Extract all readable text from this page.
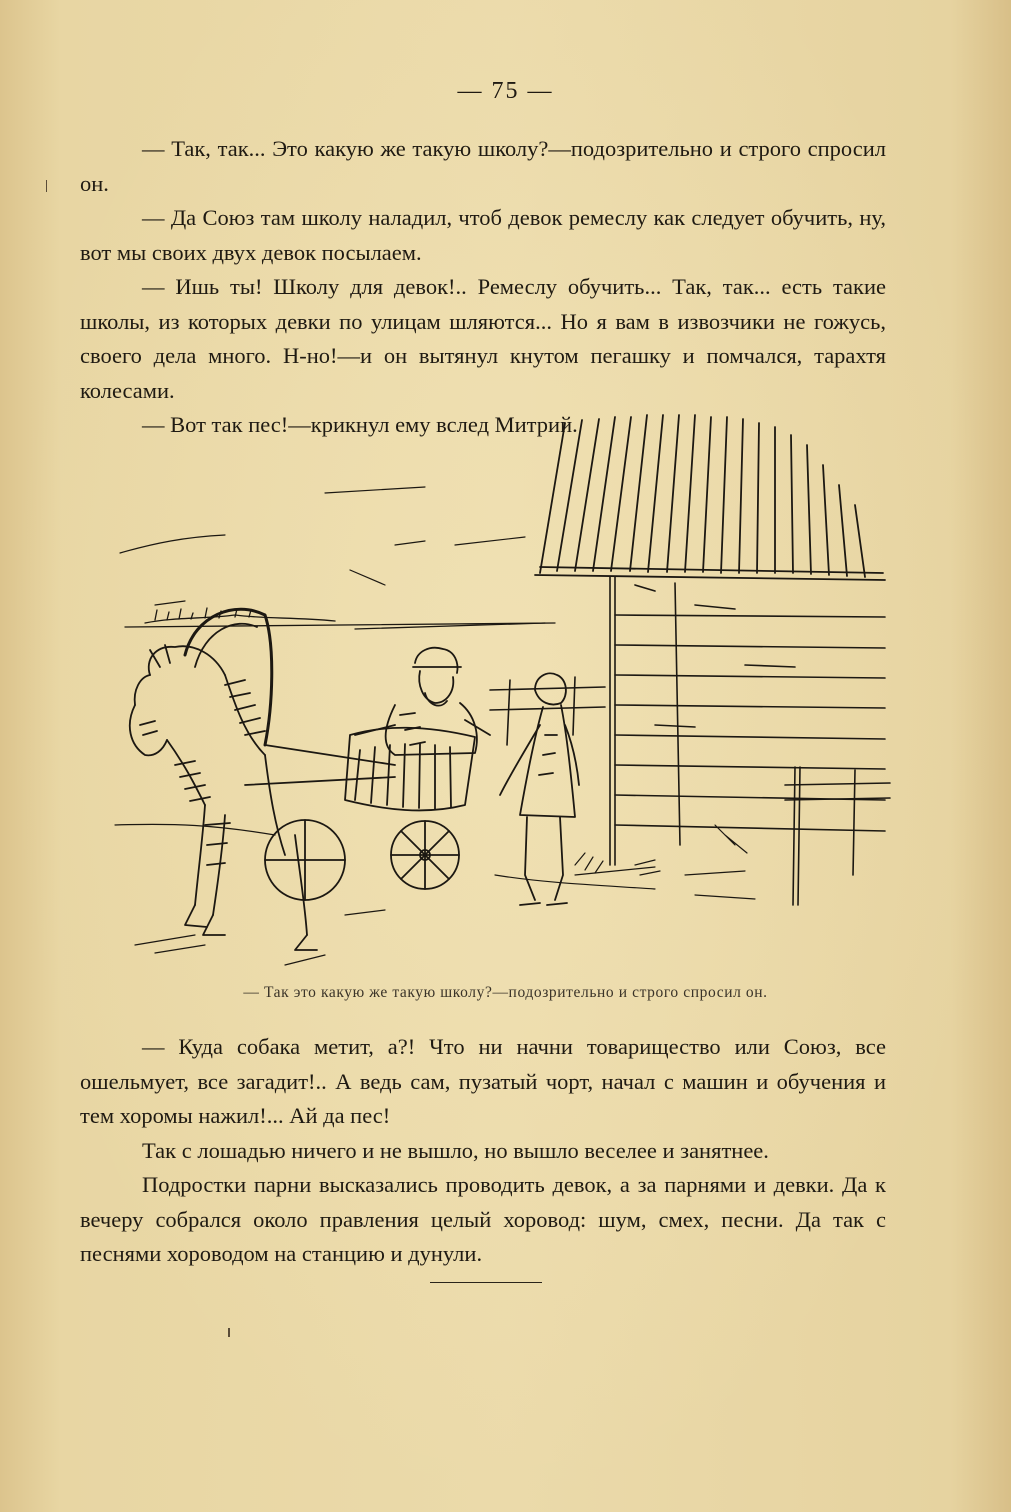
— 75 —

— Так, так... Это какую же такую школу?—подозрительно и строго спросил он.

— Да Союз там школу наладил, чтоб девок ремеслу как следует обучить, ну, вот мы своих двух девок посылаем.

— Ишь ты! Школу для девок!.. Ремеслу обучить... Так, так... есть такие школы, из которых девки по улицам шляются... Но я вам в извозчики не гожусь, своего дела много. Н-но!—и он вытянул кнутом пегашку и помчался, тарахтя колесами.

— Вот так пес!—крикнул ему вслед Митрий.

— Так это какую же такую школу?—подозрительно и строго спросил он.

— Куда собака метит, а?! Что ни начни товарищество или Союз, все ошельмует, все загадит!.. А ведь сам, пузатый чорт, начал с машин и обучения и тем хоромы нажил!... Ай да пес!

Так с лошадью ничего и не вышло, но вышло веселее и занятнее.

Подростки парни высказались проводить девок, а за парнями и девки. Да к вечеру собрался около правления целый хоровод: шум, смех, песни. Да так с песнями хороводом на станцию и дунули.
